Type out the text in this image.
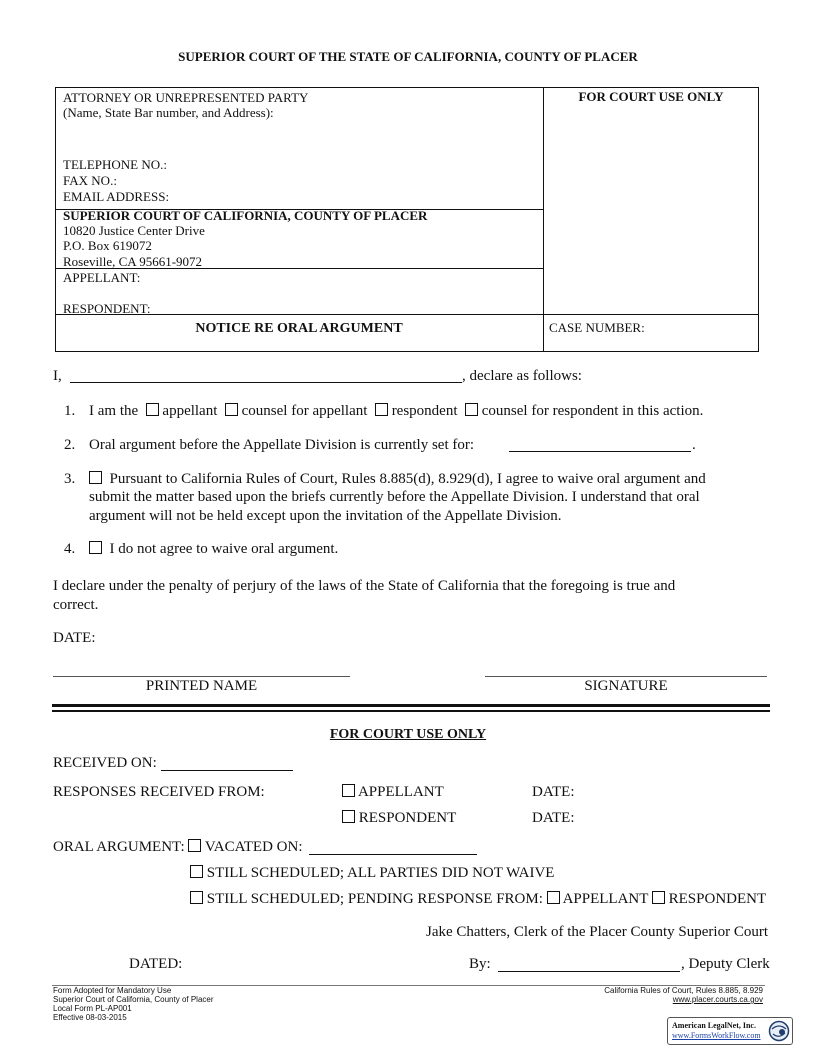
SUPERIOR COURT OF THE STATE OF CALIFORNIA, COUNTY OF PLACER
ATTORNEY OR UNREPRESENTED PARTY
(Name, State Bar number, and Address):
TELEPHONE NO.:
FAX NO.:
EMAIL ADDRESS:
SUPERIOR COURT OF CALIFORNIA, COUNTY OF PLACER
10820 Justice Center Drive
P.O. Box 619072
Roseville, CA 95661-9072
APPELLANT:
RESPONDENT:
FOR COURT USE ONLY
NOTICE RE ORAL ARGUMENT	CASE NUMBER:
I,	, declare as follows:
1. I am the appellant counsel for appellant respondent counsel for respondent in this action.
2. Oral argument before the Appellate Division is currently set for:	.
3.	Pursuant to California Rules of Court, Rules 8.885(d), 8.929(d), I agree to waive oral argument and
submit the matter based upon the briefs currently before the Appellate Division. I understand that oral
argument will not be held except upon the invitation of the Appellate Division.
4.	I do not agree to waive oral argument.
I declare under the penalty of perjury of the laws of the State of California that the foregoing is true and
correct.
DATE:
PRINTED NAME	SIGNATURE
FOR COURT USE ONLY
RECEIVED ON:
RESPONSES RECEIVED FROM:	APPELLANT	DATE:
RESPONDENT	DATE:
ORAL ARGUMENT: VACATED ON:
STILL SCHEDULED; ALL PARTIES DID NOT WAIVE
STILL SCHEDULED; PENDING RESPONSE FROM: APPELLANT RESPONDENT
Jake Chatters, Clerk of the Placer County Superior Court
DATED:	By:	, Deputy Clerk
Form Adopted for Mandatory Use
Superior Court of California, County of Placer
Local Form PL-AP001
Effective 08-03-2015
California Rules of Court, Rules 8.885, 8.929
www.placer.courts.ca.gov
American LegalNet, Inc.
www.FormsWorkFlow.com
